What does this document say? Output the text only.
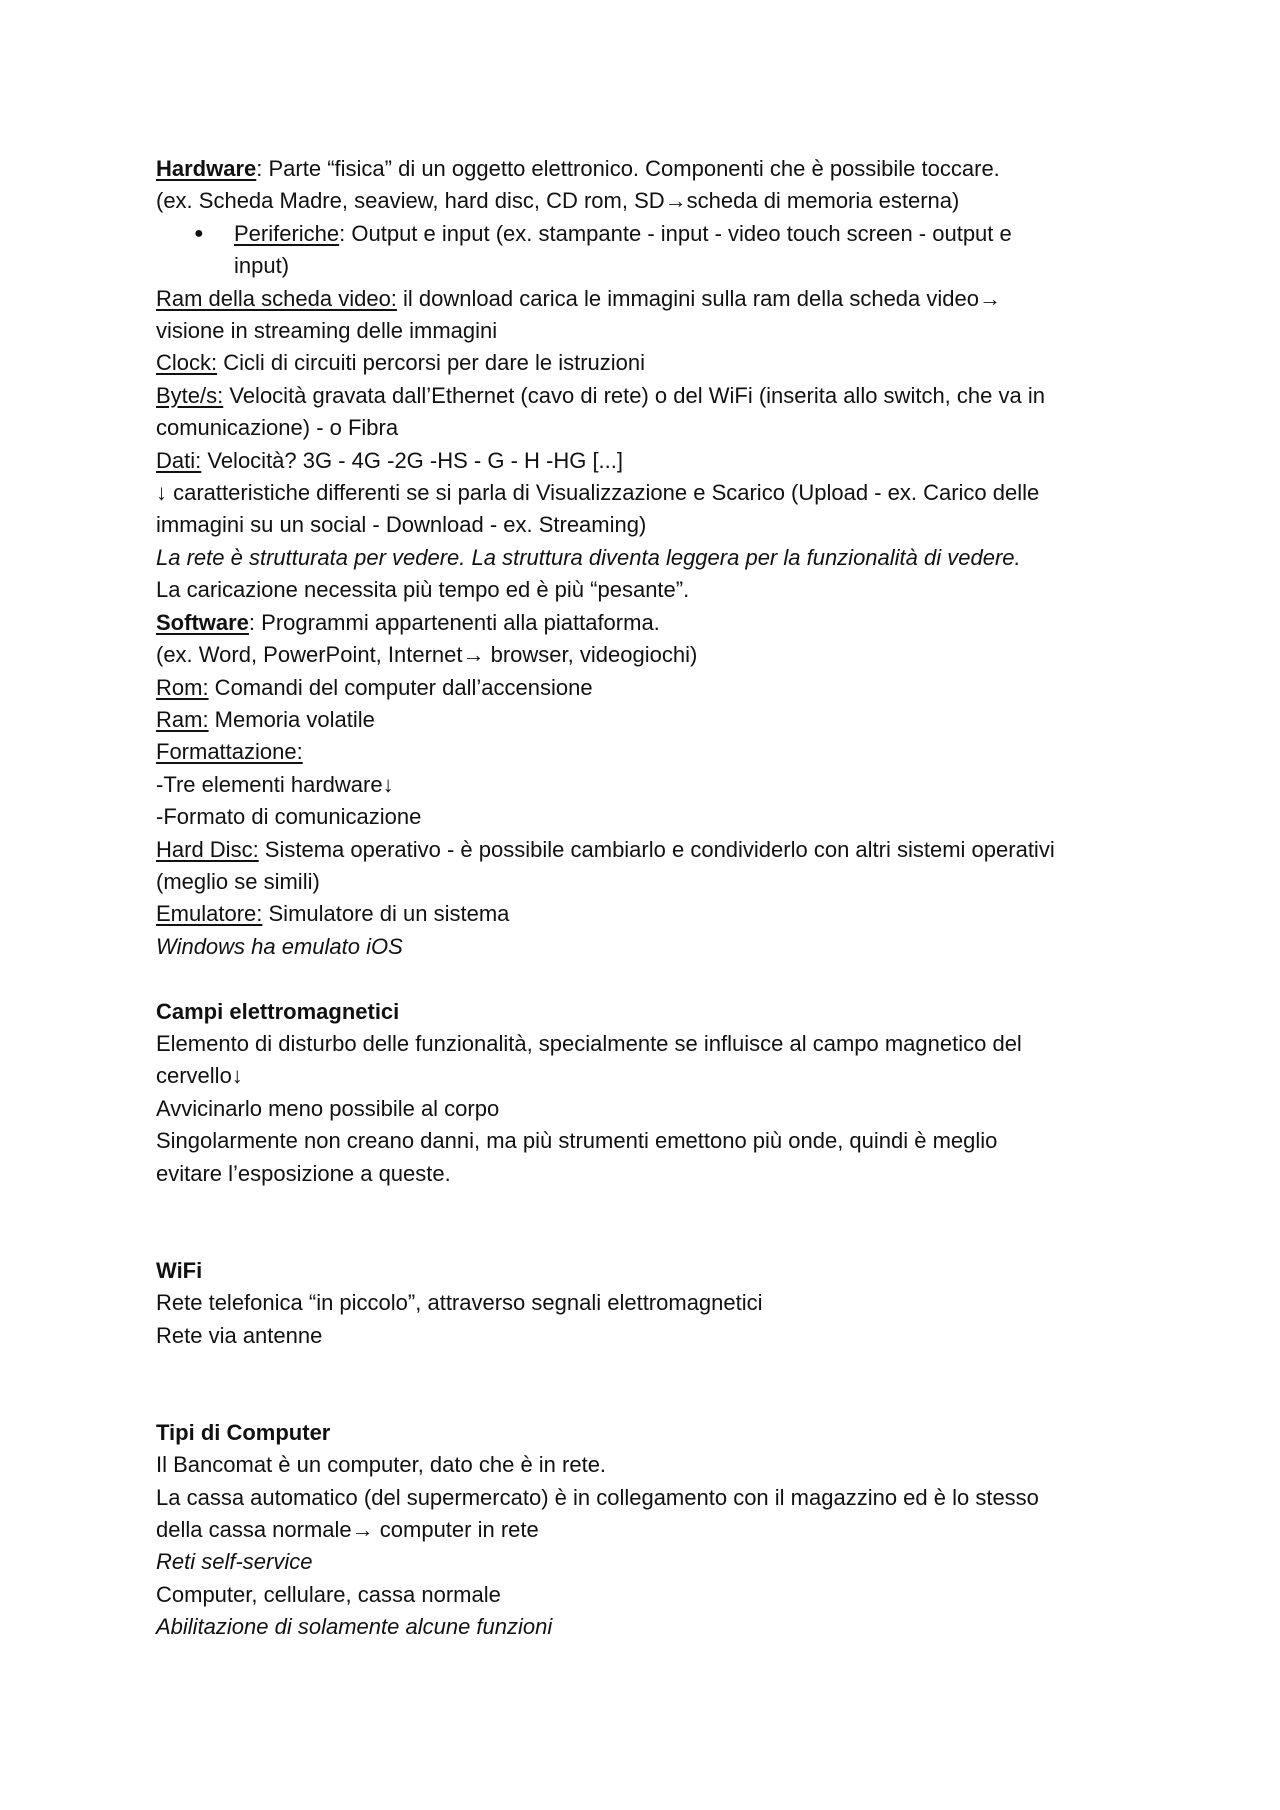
Hardware: Parte “fisica” di un oggetto elettronico. Componenti che è possibile toccare.
(ex. Scheda Madre, seaview, hard disc, CD rom, SD→scheda di memoria esterna)
● Periferiche: Output e input (ex. stampante - input - video touch screen - output e
input)
Ram della scheda video: il download carica le immagini sulla ram della scheda video→
visione in streaming delle immagini
Clock: Cicli di circuiti percorsi per dare le istruzioni
Byte/s: Velocità gravata dall’Ethernet (cavo di rete) o del WiFi (inserita allo switch, che va in
comunicazione) - o Fibra
Dati: Velocità? 3G - 4G -2G -HS - G - H -HG [...]
↓ caratteristiche differenti se si parla di Visualizzazione e Scarico (Upload - ex. Carico delle
immagini su un social - Download - ex. Streaming)
La rete è strutturata per vedere. La struttura diventa leggera per la funzionalità di vedere.
La caricazione necessita più tempo ed è più “pesante”.
Software: Programmi appartenenti alla piattaforma.
(ex. Word, PowerPoint, Internet→ browser, videogiochi)
Rom: Comandi del computer dall’accensione
Ram: Memoria volatile
Formattazione:
-Tre elementi hardware↓
-Formato di comunicazione
Hard Disc: Sistema operativo - è possibile cambiarlo e condividerlo con altri sistemi operativi
(meglio se simili)
Emulatore: Simulatore di un sistema
Windows ha emulato iOS
Campi elettromagnetici
Elemento di disturbo delle funzionalità, specialmente se influisce al campo magnetico del
cervello↓
Avvicinarlo meno possibile al corpo
Singolarmente non creano danni, ma più strumenti emettono più onde, quindi è meglio
evitare l’esposizione a queste.
WiFi
Rete telefonica “in piccolo”, attraverso segnali elettromagnetici
Rete via antenne
Tipi di Computer
Il Bancomat è un computer, dato che è in rete.
La cassa automatico (del supermercato) è in collegamento con il magazzino ed è lo stesso
della cassa normale→ computer in rete
Reti self-service
Computer, cellulare, cassa normale
Abilitazione di solamente alcune funzioni
